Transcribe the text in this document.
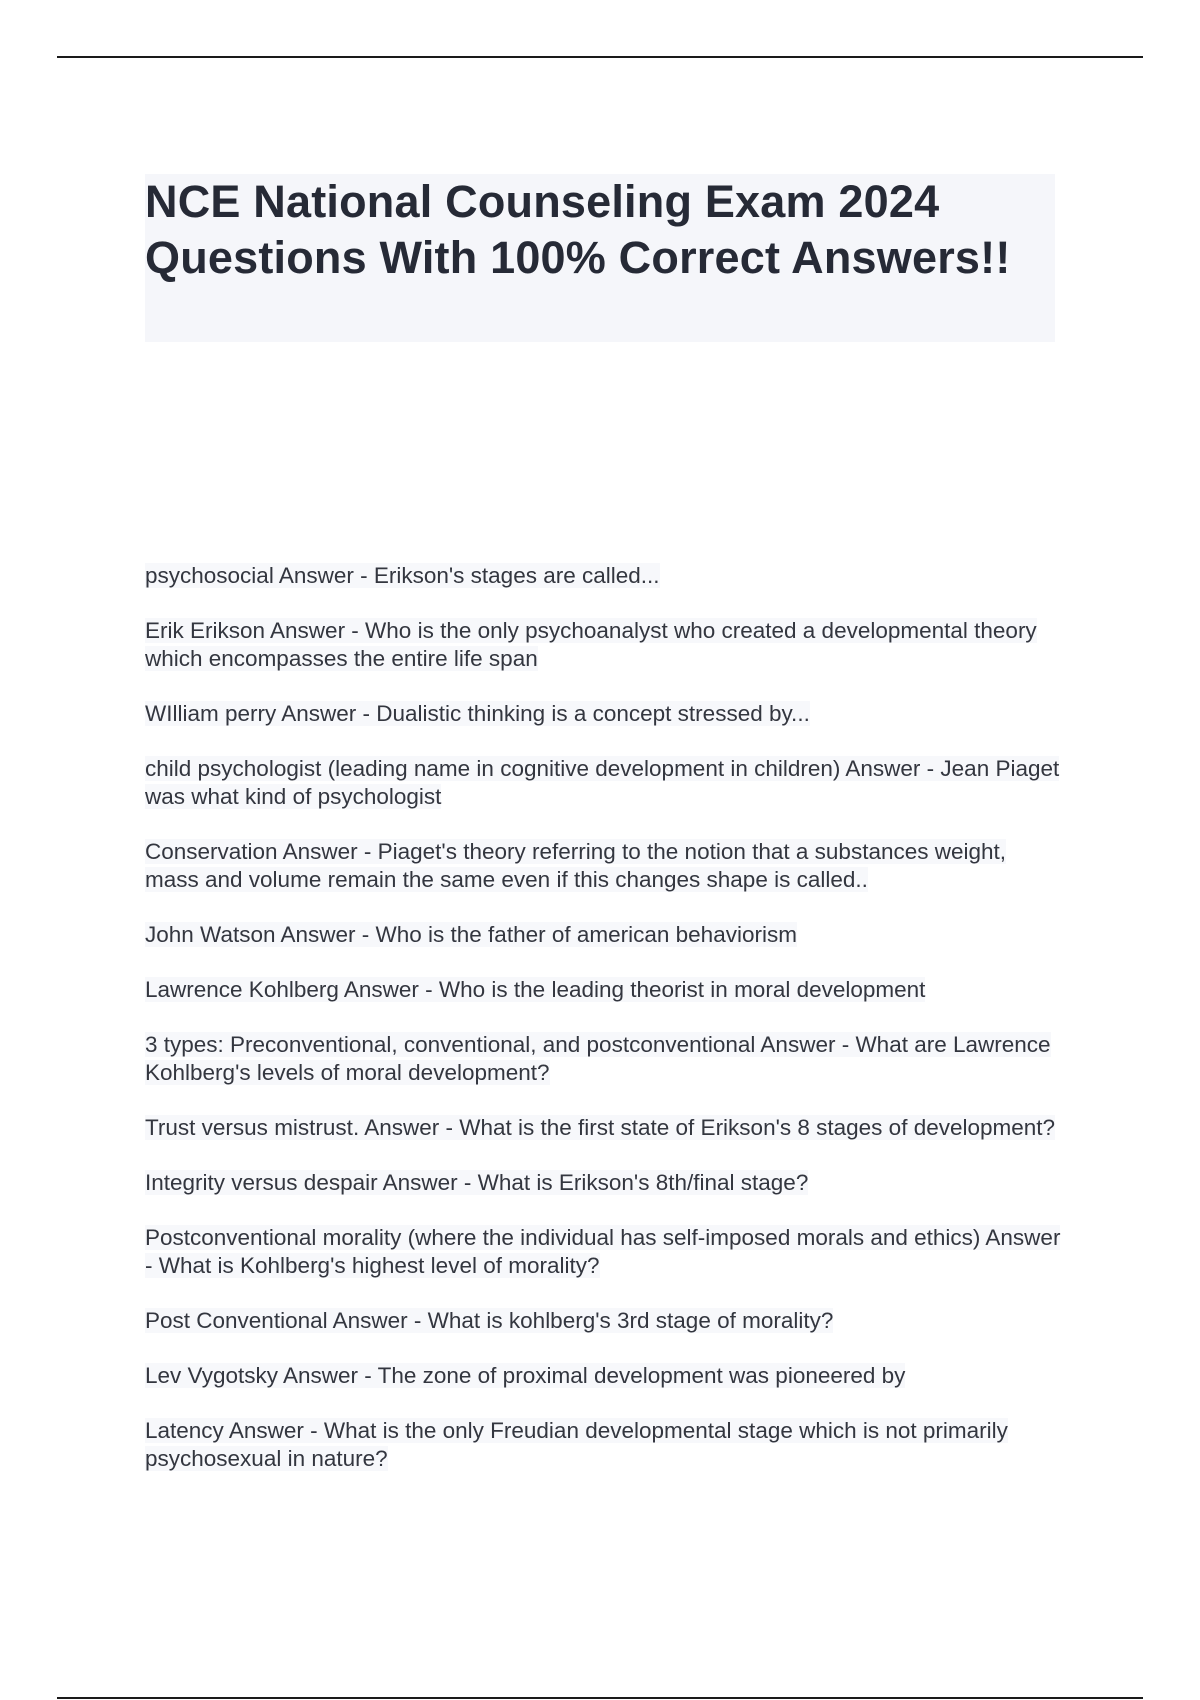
NCE National Counseling Exam 2024 Questions With 100% Correct Answers!!
psychosocial Answer - Erikson's stages are called...
Erik Erikson Answer - Who is the only psychoanalyst who created a developmental theory which encompasses the entire life span
WIlliam perry Answer - Dualistic thinking is a concept stressed by...
child psychologist (leading name in cognitive development in children) Answer - Jean Piaget was what kind of psychologist
Conservation Answer - Piaget's theory referring to the notion that a substances weight, mass and volume remain the same even if this changes shape is called..
John Watson Answer - Who is the father of american behaviorism
Lawrence Kohlberg Answer - Who is the leading theorist in moral development
3 types: Preconventional, conventional, and postconventional Answer - What are Lawrence Kohlberg's levels of moral development?
Trust versus mistrust. Answer - What is the first state of Erikson's 8 stages of development?
Integrity versus despair Answer - What is Erikson's 8th/final stage?
Postconventional morality (where the individual has self-imposed morals and ethics) Answer - What is Kohlberg's highest level of morality?
Post Conventional Answer - What is kohlberg's 3rd stage of morality?
Lev Vygotsky Answer - The zone of proximal development was pioneered by
Latency Answer - What is the only Freudian developmental stage which is not primarily psychosexual in nature?
